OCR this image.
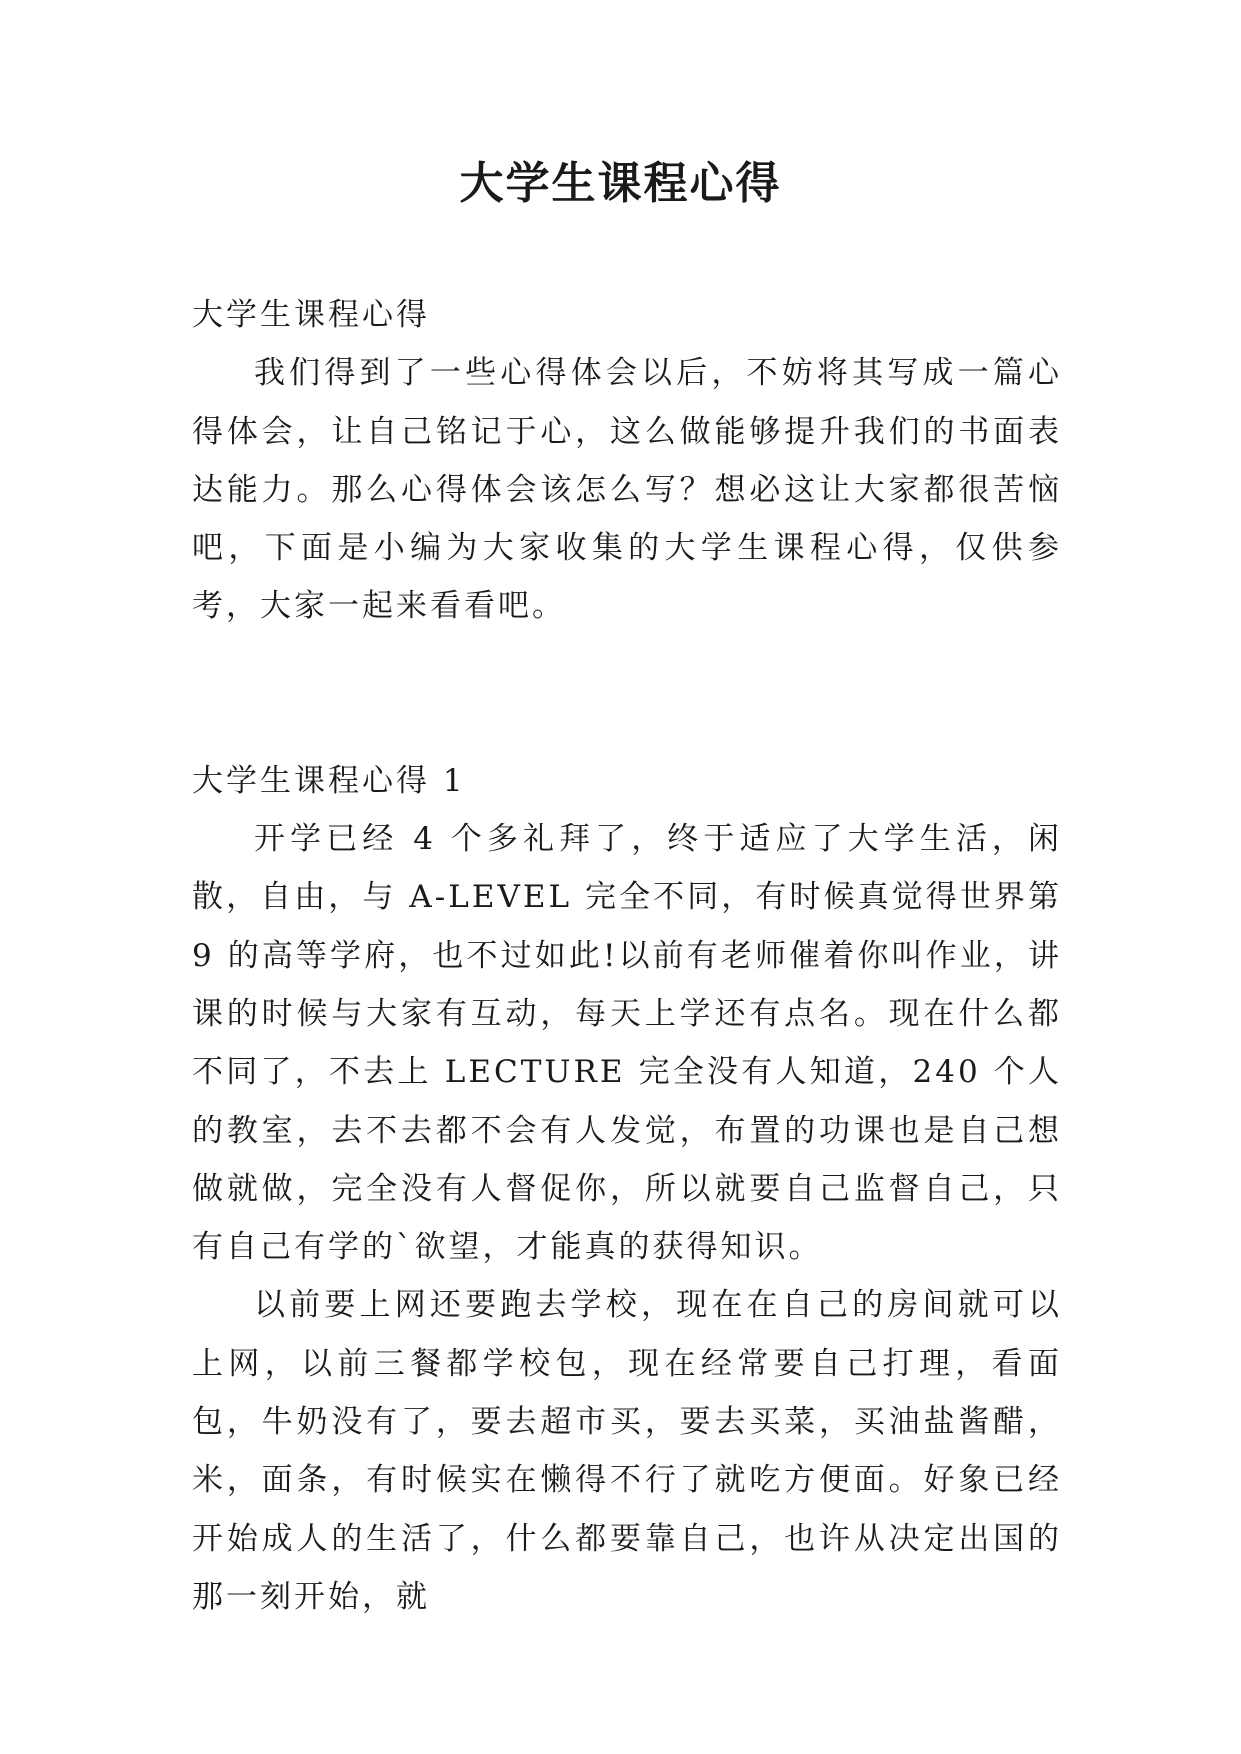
大学生课程心得

大学生课程心得

我们得到了一些心得体会以后，不妨将其写成一篇心得体会，让自己铭记于心，这么做能够提升我们的书面表达能力。那么心得体会该怎么写？想必这让大家都很苦恼吧，下面是小编为大家收集的大学生课程心得，仅供参考，大家一起来看看吧。

大学生课程心得 1

开学已经 4 个多礼拜了，终于适应了大学生活，闲散，自由，与 A-LEVEL 完全不同，有时候真觉得世界第 9 的高等学府，也不过如此!以前有老师催着你叫作业，讲课的时候与大家有互动，每天上学还有点名。现在什么都不同了，不去上 LECTURE 完全没有人知道，240 个人的教室，去不去都不会有人发觉，布置的功课也是自己想做就做，完全没有人督促你，所以就要自己监督自己，只有自己有学的`欲望，才能真的获得知识。

以前要上网还要跑去学校，现在在自己的房间就可以上网，以前三餐都学校包，现在经常要自己打理，看面包，牛奶没有了，要去超市买，要去买菜，买油盐酱醋，米，面条，有时候实在懒得不行了就吃方便面。好象已经开始成人的生活了，什么都要靠自己，也许从决定出国的那一刻开始，就
